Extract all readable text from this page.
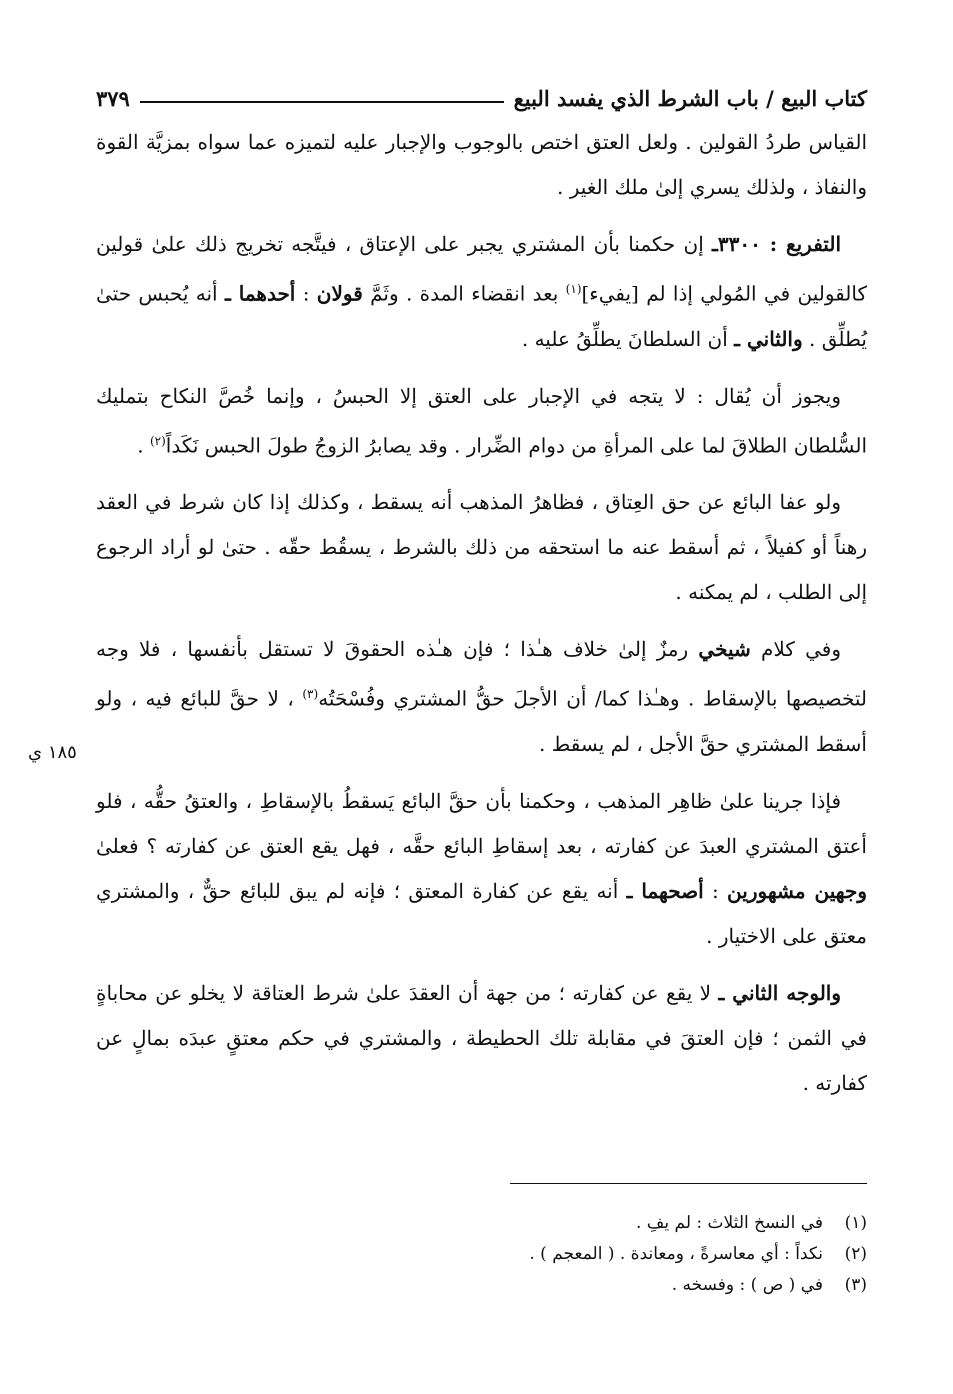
كتاب البيع / باب الشرط الذي يفسد البيع
٣٧٩

القياس طردُ القولين . ولعل العتق اختص بالوجوب والإجبار عليه لتميزه عما سواه بمزيَّة القوة والنفاذ ، ولذلك يسري إلىٰ ملك الغير .

التفريع : ٣٣٠٠ـ إن حكمنا بأن المشتري يجبر على الإعتاق ، فيتَّجه تخريج ذلك علىٰ قولين كالقولين في المُولي إذا لم [يفيء]$^{(١)}$ بعد انقضاء المدة . وثَمَّ قولان : أحدهما ـ أنه يُحبس حتىٰ يُطلِّق . والثاني ـ أن السلطانَ يطلِّقُ عليه .

ويجوز أن يُقال : لا يتجه في الإجبار على العتق إلا الحبسُ ، وإنما خُصَّ النكاح بتمليك السُّلطان الطلاقَ لما على المرأةِ من دوام الضِّرار . وقد يصابرُ الزوجُ طولَ الحبس نَكَداً$^{(٢)}$ .

ولو عفا البائع عن حق العِتاق ، فظاهرُ المذهب أنه يسقط ، وكذلك إذا كان شرط في العقد رهناً أو كفيلاً ، ثم أسقط عنه ما استحقه من ذلك بالشرط ، يسقُط حقّه . حتىٰ لو أراد الرجوع إلى الطلب ، لم يمكنه .

وفي كلام شيخي رمزٌ إلىٰ خلاف هـٰذا ؛ فإن هـٰذه الحقوقَ لا تستقل بأنفسها ، فلا وجه لتخصيصها بالإسقاط . وهـٰذا كما/ أن الأجلَ حقُّ المشتري وفُسْحَتُه$^{(٣)}$ ، لا حقَّ للبائع فيه ، ولو أسقط المشتري حقَّ الأجل ، لم يسقط .

فإذا جرينا علىٰ ظاهِر المذهب ، وحكمنا بأن حقَّ البائع يَسقطُ بالإسقاطِ ، والعتقُ حقُّه ، فلو أعتق المشتري العبدَ عن كفارته ، بعد إسقاطِ البائع حقَّه ، فهل يقع العتق عن كفارته ؟ فعلىٰ وجهين مشهورين : أصحهما ـ أنه يقع عن كفارة المعتق ؛ فإنه لم يبق للبائع حقٌّ ، والمشتري معتق على الاختيار .

والوجه الثاني ـ لا يقع عن كفارته ؛ من جهة أن العقدَ علىٰ شرط العتاقة لا يخلو عن محاباةٍ في الثمن ؛ فإن العتقَ في مقابلة تلك الحطيطة ، والمشتري في حكم معتقٍ عبدَه بمالٍ عن كفارته .

١٨٥ ي
(١)
في النسخ الثلاث : لم يفِ .
(٢)
نكداً : أي معاسرةً ، ومعاندة . ( المعجم ) .
(٣)
في ( ص ) : وفسخه .
